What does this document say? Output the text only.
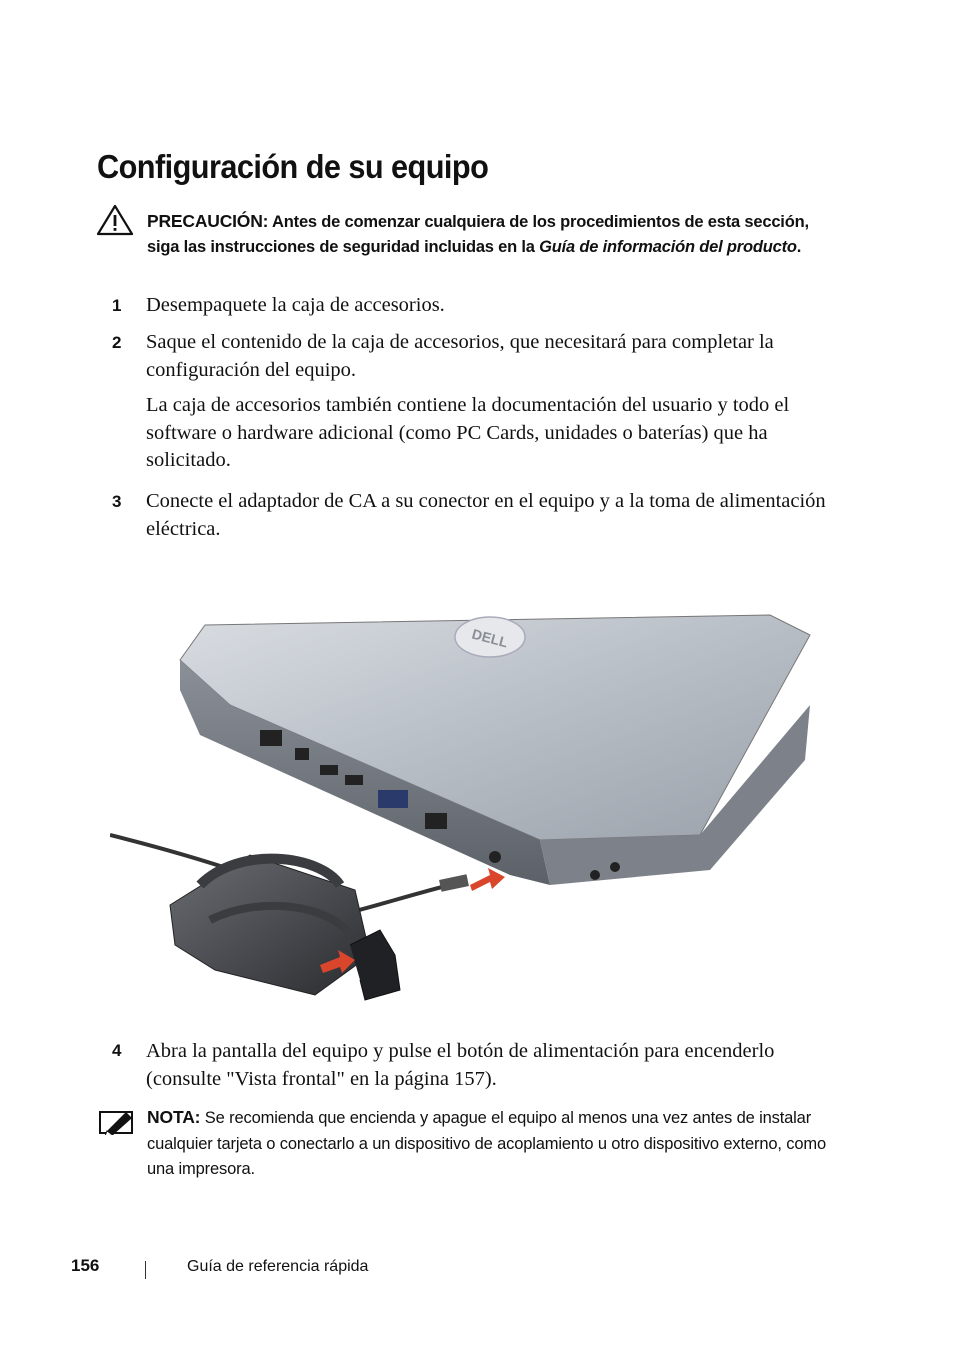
Configuración de su equipo
PRECAUCIÓN: Antes de comenzar cualquiera de los procedimientos de esta sección, siga las instrucciones de seguridad incluidas en la Guía de información del producto.
1 Desempaquete la caja de accesorios.
2 Saque el contenido de la caja de accesorios, que necesitará para completar la configuración del equipo.
La caja de accesorios también contiene la documentación del usuario y todo el software o hardware adicional (como PC Cards, unidades o baterías) que ha solicitado.
3 Conecte el adaptador de CA a su conector en el equipo y a la toma de alimentación eléctrica.
DELL
4 Abra la pantalla del equipo y pulse el botón de alimentación para encenderlo (consulte "Vista frontal" en la página 157).
NOTA: Se recomienda que encienda y apague el equipo al menos una vez antes de instalar cualquier tarjeta o conectarlo a un dispositivo de acoplamiento u otro dispositivo externo, como una impresora.
156	Guía de referencia rápida
